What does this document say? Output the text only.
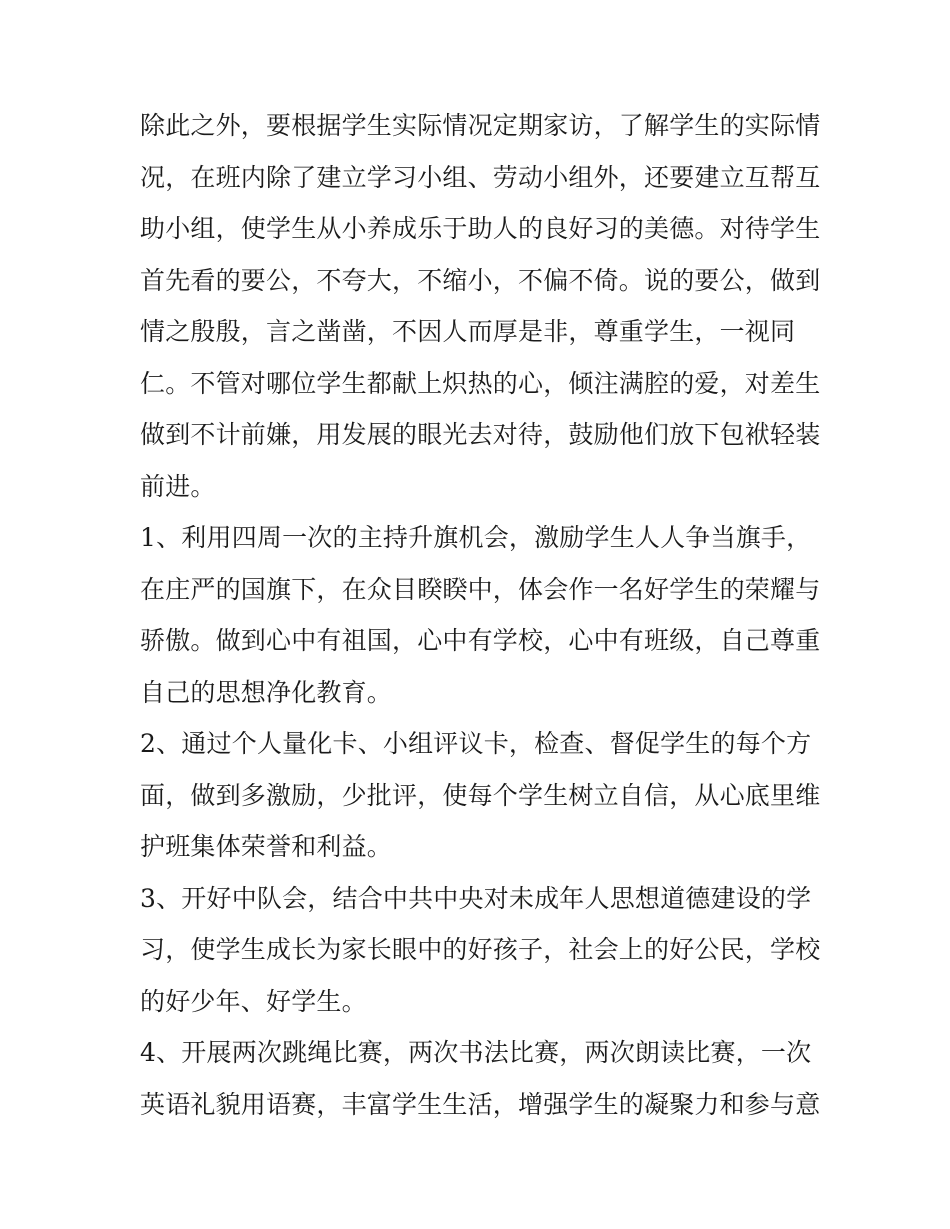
除此之外，要根据学生实际情况定期家访，了解学生的实际情
况，在班内除了建立学习小组、劳动小组外，还要建立互帮互
助小组，使学生从小养成乐于助人的良好习的美德。对待学生
首先看的要公，不夸大，不缩小，不偏不倚。说的要公，做到
情之殷殷，言之凿凿，不因人而厚是非，尊重学生，一视同
仁。不管对哪位学生都献上炽热的心，倾注满腔的爱，对差生
做到不计前嫌，用发展的眼光去对待，鼓励他们放下包袱轻装
前进。
1、利用四周一次的主持升旗机会，激励学生人人争当旗手，
在庄严的国旗下，在众目睽睽中，体会作一名好学生的荣耀与
骄傲。做到心中有祖国，心中有学校，心中有班级，自己尊重
自己的思想净化教育。
2、通过个人量化卡、小组评议卡，检查、督促学生的每个方
面，做到多激励，少批评，使每个学生树立自信，从心底里维
护班集体荣誉和利益。
3、开好中队会，结合中共中央对未成年人思想道德建设的学
习，使学生成长为家长眼中的好孩子，社会上的好公民，学校
的好少年、好学生。
4、开展两次跳绳比赛，两次书法比赛，两次朗读比赛，一次
英语礼貌用语赛，丰富学生生活，增强学生的凝聚力和参与意
